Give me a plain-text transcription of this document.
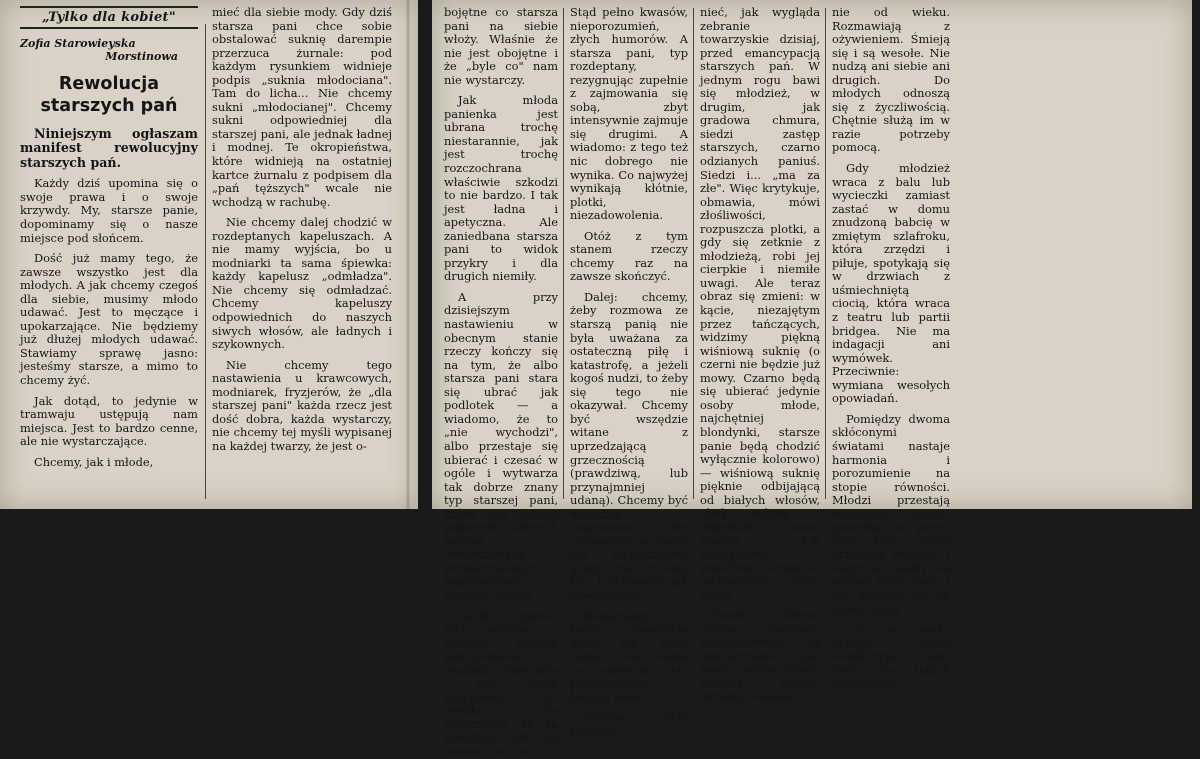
„Tylko dla kobiet"
Zofia Starowieyska
Morstinowa
Rewolucja
starszych pań

Niniejszym ogłaszam manifest rewolucyjny starszych pań.

Każdy dziś upomina się o swoje prawa i o swoje krzywdy. My, starsze panie, dopominamy się o nasze miejsce pod słońcem.

Dość już mamy tego, że zawsze wszystko jest dla młodych. A jak chcemy czegoś dla siebie, musimy młodo udawać. Jest to męczące i upokarzające. Nie będziemy już dłużej młodych udawać. Stawiamy sprawę jasno: jesteśmy starsze, a mimo to chcemy żyć.

Jak dotąd, to jedynie w tramwaju ustępują nam miejsca. Jest to bardzo cenne, ale nie wystarczające.

Chcemy, jak i młode,

mieć dla siebie mody. Gdy dziś starsza pani chce sobie obstalować suknię darempie przerzuca żurnale: pod każdym rysunkiem widnieje podpis „suknia młodociana". Tam do licha... Nie chcemy sukni „młodocianej". Chcemy sukni odpowiedniej dla starszej pani, ale jednak ładnej i modnej. Te okropieństwa, które widnieją na ostatniej kartce żurnalu z podpisem dla „pań tęższych" wcale nie wchodzą w rachubę.

Nie chcemy dalej chodzić w rozdeptanych kapeluszach. A nie mamy wyjścia, bo u modniarki ta sama śpiewka: każdy kapelusz „odmładza". Nie chcemy się odmładzać. Chcemy kapeluszy odpowiednich do naszych siwych włosów, ale ładnych i szykownych.

Nie chcemy tego nastawienia u krawcowych, modniarek, fryzjerów, że „dla starszej pani" każda rzecz jest dość dobra, każda wystarczy, nie chcemy tej myśli wypisanej na każdej twarzy, że jest o-

bojętne co starsza pani na siebie włoży. Właśnie że nie jest obojętne i że „byle co" nam nie wystarczy.

Jak młoda panienka jest ubrana trochę niestarannie, jak jest trochę rozczochrana właściwie szkodzi to nie bardzo. I tak jest ładna i apetyczna. Ale zaniedbana starsza pani to widok przykry i dla drugich niemiły.

A przy dzisiejszym nastawieniu w obecnym stanie rzeczy kończy się na tym, że albo starsza pani stara się ubrać jak podlotek — a wiadomo, że to „nie wychodzi", albo przestaje się ubierać i czesać w ogóle i wytwarza tak dobrze znany typ starszej pani, która jest jakimś pakietem czarnych łachów, uwieńczonych przekrzywionym kapelusikiem z zeszłego wieku.

Skutki obydwu tych postaw są fatalne: starsza pani-podlotek wygląda śmiesznie i ma ciągłe przykrości, bo prędko się spostrzega, że za podlotka nikt jej uważać nie chce.

Stąd pełno kwasów, nieporozumień, złych humorów. A starsza pani, typ rozdeptany, rezygnując zupełnie z zajmowania się sobą, zbyt intensywnie zajmuje się drugimi. A wiadomo: z tego też nic dobrego nie wynika. Co najwyżej wynikają kłótnie, plotki, niezadowolenia.

Otóż z tym stanem rzeczy chcemy raz na zawsze skończyć.

Dalej: chcemy, żeby rozmowa ze starszą panią nie była uważana za ostateczną piłę i katastrofę, a jeżeli kogoś nudzi, to żeby się tego nie okazywał. Chcemy być wszędzie witane z uprzedzającą grzecznością (prawdziwą, lub przynajmniej udaną). Chcemy być wszędzie zapraszane, a nie zostawiane w domu jak niepotrzebne graty. Nie chcemy być traktowane jak zawalidrogi.

Rozumiemy: każda rewolucja musi nie tylko żądać, musi także coś przynosić. My przyniesiemy bardzo wiele.

Proszę sobie przypom-

nieć, jak wygląda zebranie towarzyskie dzisiaj, przed emancypacją starszych pań. W jednym rogu bawi się młodzież, w drugim, jak gradowa chmura, siedzi zastęp starszych, czarno odzianych paniuś. Siedzi i... „ma za złe". Więc krytykuje, obmawia, mówi złośliwości, rozpuszcza plotki, a gdy się zetknie z młodzieżą, robi jej cierpkie i niemiłe uwagi. Ale teraz obraz się zmieni: w kącie, niezajętym przez tańczących, widzimy piękną wiśniową suknię (o czerni nie będzie już mowy. Czarno będą się ubierać jedynie osoby młode, najchętniej blondynki, starsze panie będą chodzić wyłącznie kolorowo) — wiśniową suknię pięknie odbijającą od białych włosów, obok suknię o głębokim tonie szafiru lub księżycowo popielatą. Grupa ta malowniczo zdobi salon.

Panie dobrze ubrane, starannie zaondulowane są uśmiechnięte, jak bywa uśmiechnięta kobieta dobrze ubrana, niezależ-

nie od wieku. Rozmawiają z ożywieniem. Śmieją się i są wesołe. Nie nudzą ani siebie ani drugich. Do młodych odnoszą się z życzliwością. Chętnie służą im w razie potrzeby pomocą.

Gdy młodzież wraca z balu lub wycieczki zamiast zastać w domu znudzoną babcię w zmiętym szlafroku, która zrzędzi i piłuje, spotykają się w drzwiach z uśmiechniętą ciocią, która wraca z teatru lub partii bridgea. Nie ma indagacji ani wymówek. Przeciwnie: wymiana wesołych opowiadań.

Pomiędzy dwoma skłóconymi światami nastaje harmonia i porozumienie na stopie równości. Młodzi przestają starszych unikać, przestają się przed nimi kryć, starsi przestają zrzędzić i dogryzać. Każdy ma własny teren życia i nie wdziera się na teren cudzy.

Czy nie warto przejść małej rewolucyjki, aby dojść do takich rezultatów?
